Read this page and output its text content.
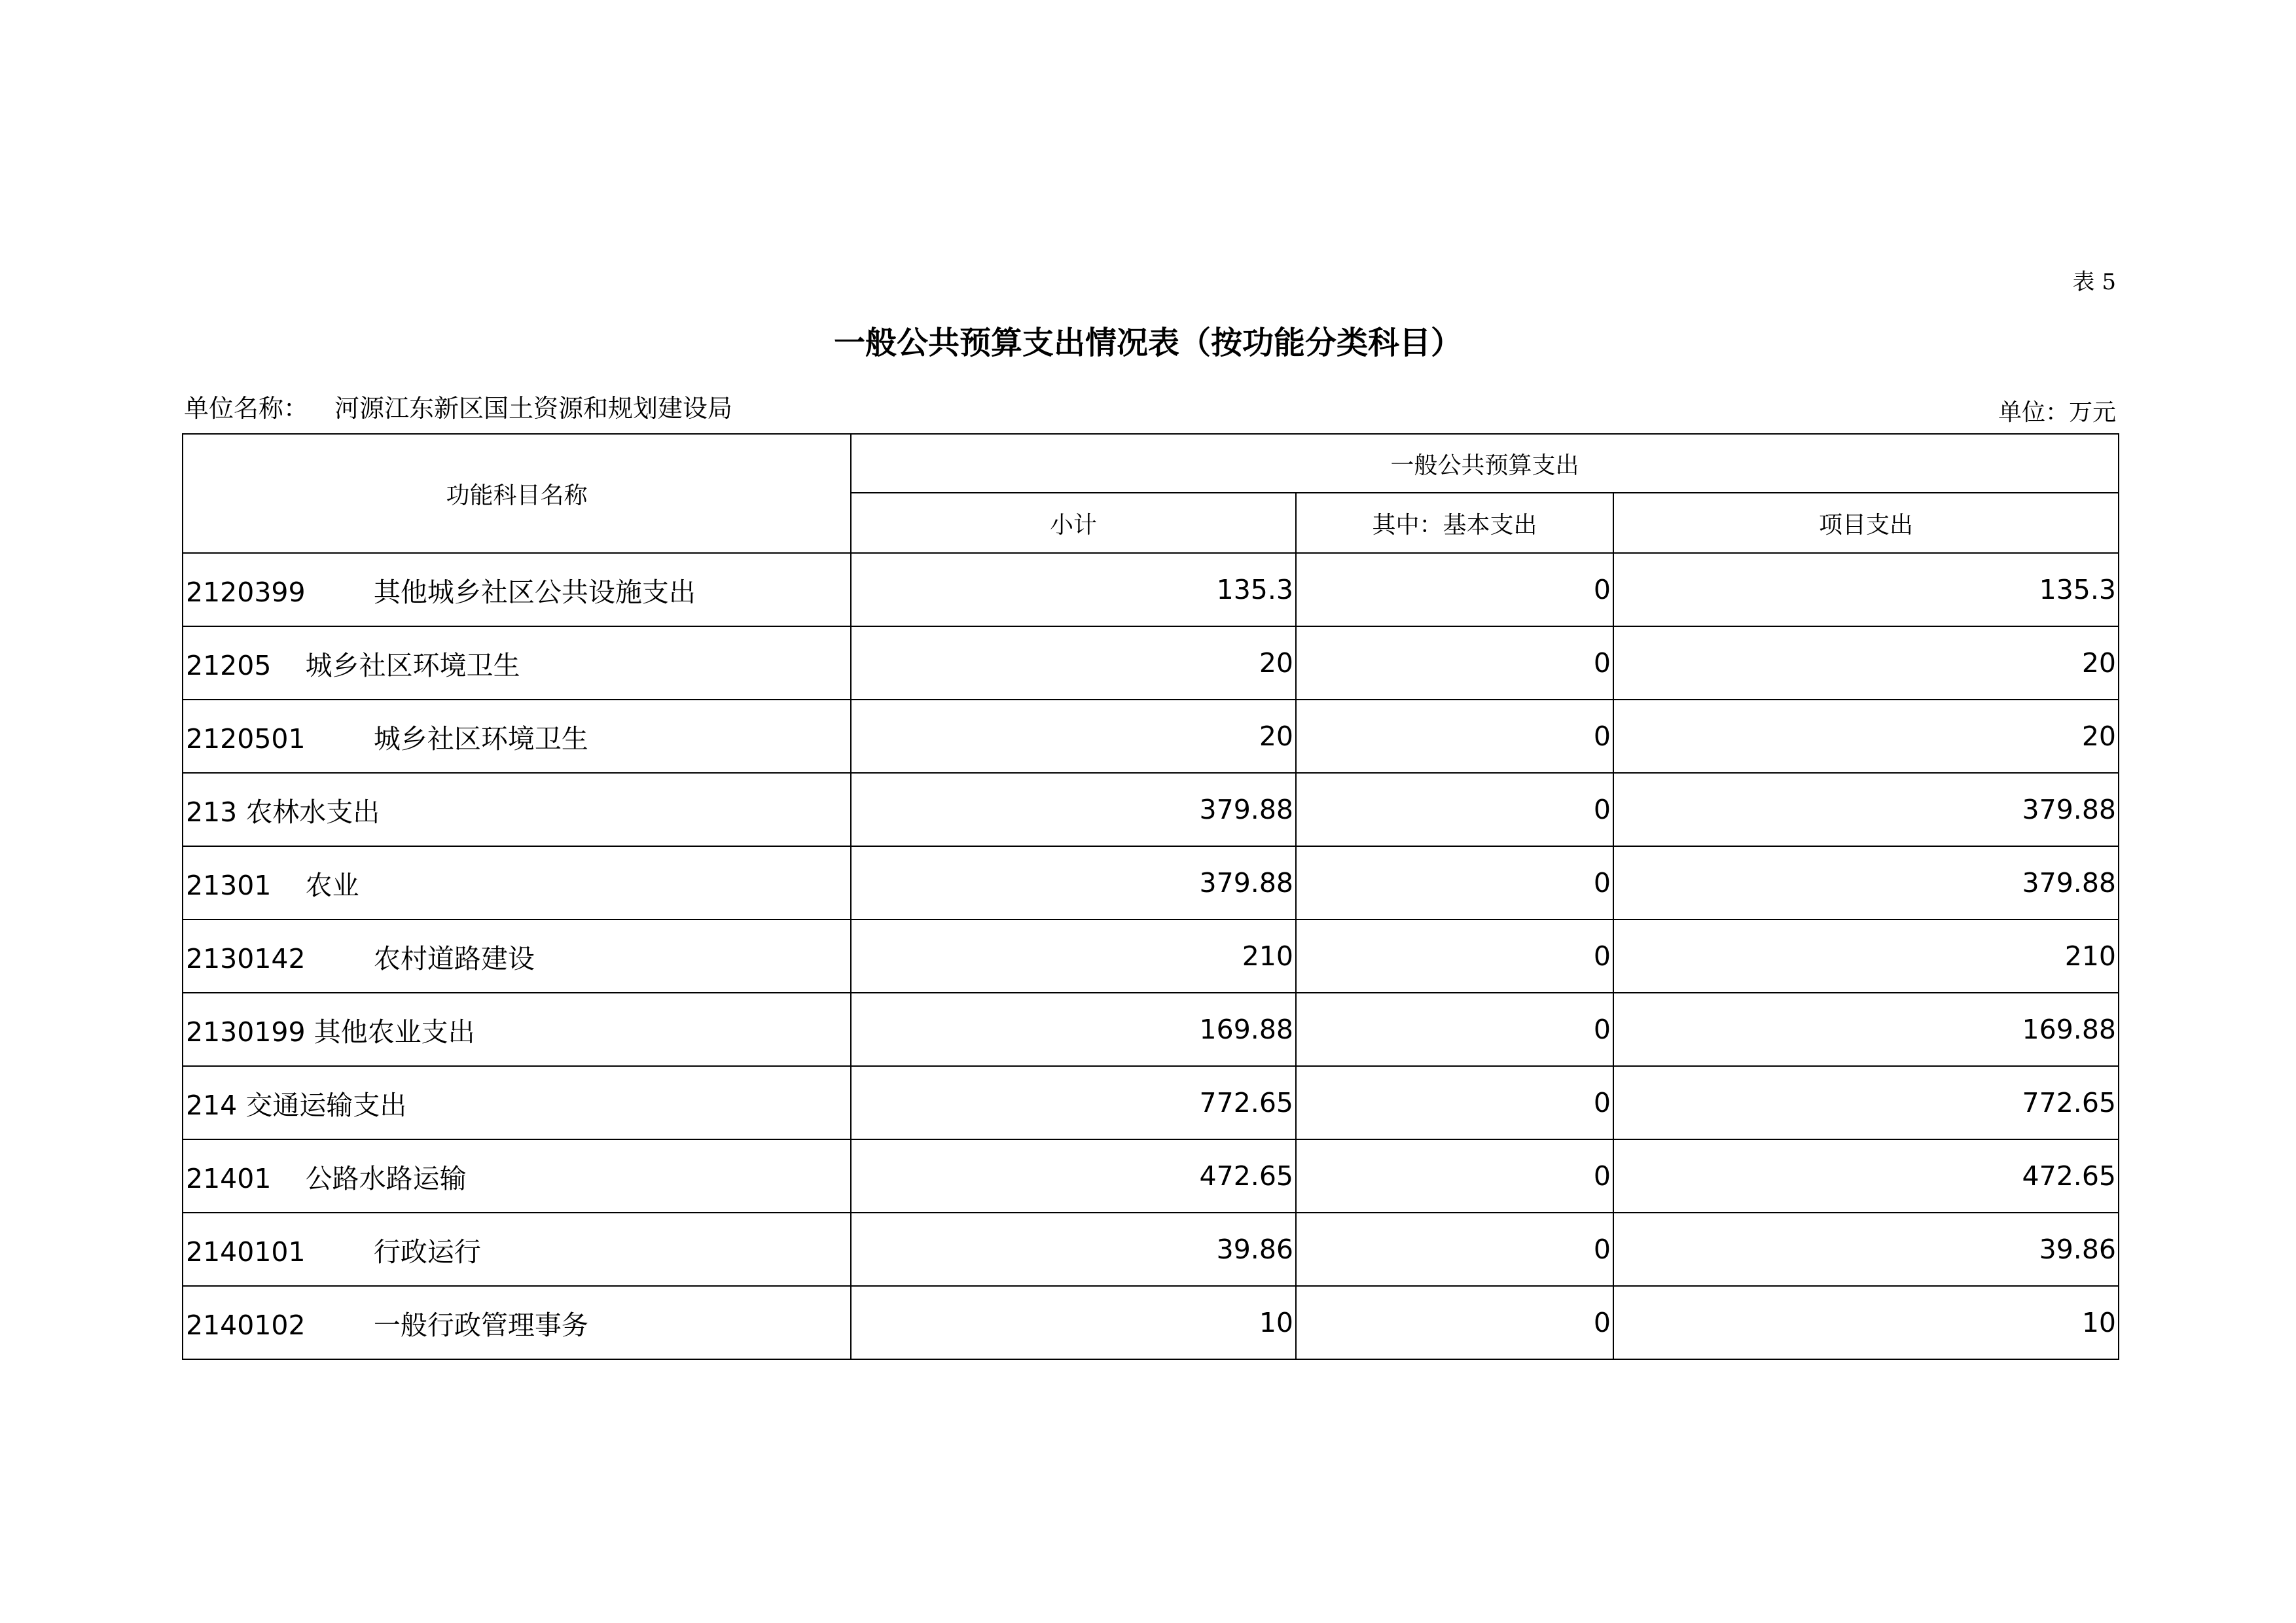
表 5
一般公共预算支出情况表（按功能分类科目）
单位名称： 河源江东新区国土资源和规划建设局	单位：万元
功能科目名称	一般公共预算支出		
	小计	其中：基本支出	项目支出
2120399 其他城乡社区公共设施支出	135.3	0	135.3
21205 城乡社区环境卫生	20	0	20
2120501 城乡社区环境卫生	20	0	20
213 农林水支出	379.88	0	379.88
21301 农业	379.88	0	379.88
2130142 农村道路建设	210	0	210
2130199 其他农业支出	169.88	0	169.88
214 交通运输支出	772.65	0	772.65
21401 公路水路运输	472.65	0	472.65
2140101 行政运行	39.86	0	39.86
2140102 一般行政管理事务	10	0	10
